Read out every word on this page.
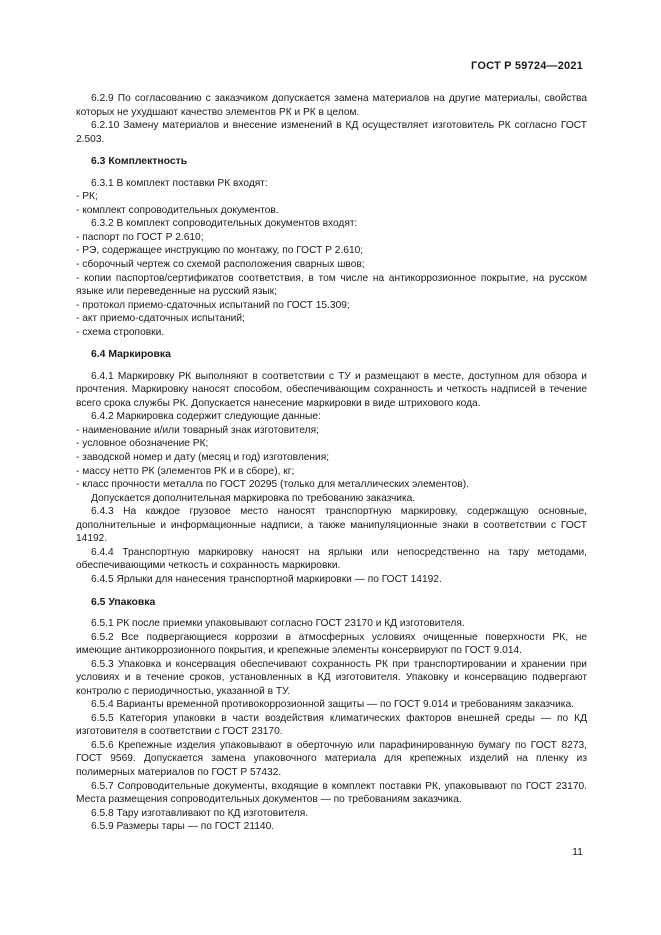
ГОСТ Р 59724—2021

6.2.9 По согласованию с заказчиком допускается замена материалов на другие материалы, свойства которых не ухудшают качество элементов РК и РК в целом.

6.2.10 Замену материалов и внесение изменений в КД осуществляет изготовитель РК согласно ГОСТ 2.503.

6.3 Комплектность

6.3.1 В комплект поставки РК входят:

- РК;

- комплект сопроводительных документов.

6.3.2 В комплект сопроводительных документов входят:

- паспорт по ГОСТ Р 2.610;

- РЭ, содержащее инструкцию по монтажу, по ГОСТ Р 2.610;

- сборочный чертеж со схемой расположения сварных швов;

- копии паспортов/сертификатов соответствия, в том числе на антикоррозионное покрытие, на русском языке или переведенные на русский язык;

- протокол приемо-сдаточных испытаний по ГОСТ 15.309;

- акт приемо-сдаточных испытаний;

- схема строповки.

6.4 Маркировка

6.4.1 Маркировку РК выполняют в соответствии с ТУ и размещают в месте, доступном для обзора и прочтения. Маркировку наносят способом, обеспечивающим сохранность и четкость надписей в течение всего срока службы РК. Допускается нанесение маркировки в виде штрихового кода.

6.4.2 Маркировка содержит следующие данные:

- наименование и/или товарный знак изготовителя;

- условное обозначение РК;

- заводской номер и дату (месяц и год) изготовления;

- массу нетто РК (элементов РК и в сборе), кг;

- класс прочности металла по ГОСТ 20295 (только для металлических элементов).

Допускается дополнительная маркировка по требованию заказчика.

6.4.3 На каждое грузовое место наносят транспортную маркировку, содержащую основные, дополнительные и информационные надписи, а также манипуляционные знаки в соответствии с ГОСТ 14192.

6.4.4 Транспортную маркировку наносят на ярлыки или непосредственно на тару методами, обеспечивающими четкость и сохранность маркировки.

6.4.5 Ярлыки для нанесения транспортной маркировки — по ГОСТ 14192.

6.5 Упаковка

6.5.1 РК после приемки упаковывают согласно ГОСТ 23170 и КД изготовителя.

6.5.2 Все подвергающиеся коррозии в атмосферных условиях очищенные поверхности РК, не имеющие антикоррозионного покрытия, и крепежные элементы консервируют по ГОСТ 9.014.

6.5.3 Упаковка и консервация обеспечивают сохранность РК при транспортировании и хранении при условиях и в течение сроков, установленных в КД изготовителя. Упаковку и консервацию подвергают контролю с периодичностью, указанной в ТУ.

6.5.4 Варианты временной противокоррозионной защиты — по ГОСТ 9.014 и требованиям заказчика.

6.5.5 Категория упаковки в части воздействия климатических факторов внешней среды — по КД изготовителя в соответствии с ГОСТ 23170.

6.5.6 Крепежные изделия упаковывают в оберточную или парафинированную бумагу по ГОСТ 8273, ГОСТ 9569. Допускается замена упаковочного материала для крепежных изделий на пленку из полимерных материалов по ГОСТ Р 57432.

6.5.7 Сопроводительные документы, входящие в комплект поставки РК, упаковывают по ГОСТ 23170. Места размещения сопроводительных документов — по требованиям заказчика.

6.5.8 Тару изготавливают по КД изготовителя.

6.5.9 Размеры тары — по ГОСТ 21140.

11
